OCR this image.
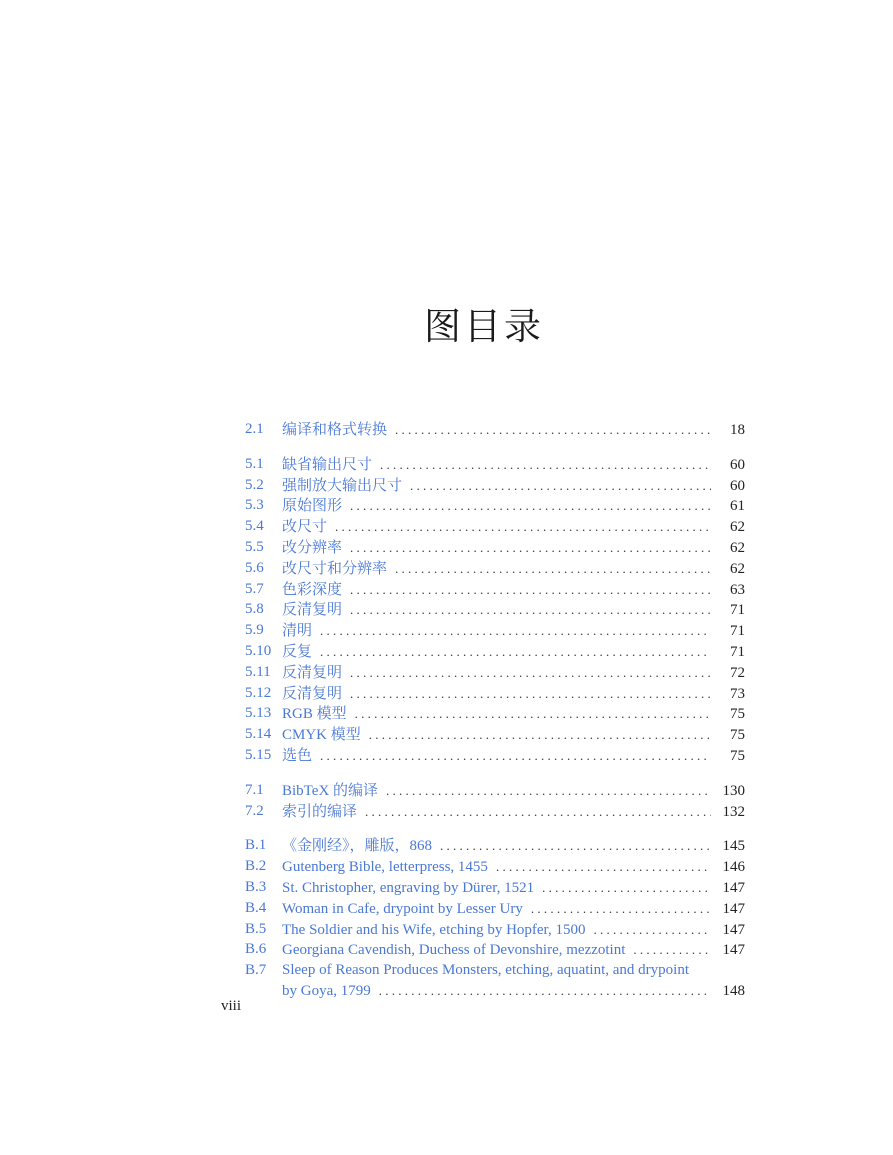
图目录
2.1 编译和格式转换 . . .	18
5.1 缺省输出尺寸 . . .	60
5.2 强制放大输出尺寸 . . .	60
5.3 原始图形 . . .	61
5.4 改尺寸 . . .	62
5.5 改分辨率 . . .	62
5.6 改尺寸和分辨率 . . .	62
5.7 色彩深度 . . .	63
5.8 反清复明 . . .	71
5.9 清明 . . .	71
5.10 反复 . . .	71
5.11 反清复明 . . .	72
5.12 反清复明 . . .	73
5.13 RGB 模型 . . .	75
5.14 CMYK 模型 . . .	75
5.15 选色 . . .	75
7.1 BibTeX 的编译 . . .	130
7.2 索引的编译 . . .	132
B.1 《金刚经》，雕版，868 . . .	145
B.2 Gutenberg Bible, letterpress, 1455 . . .	146
B.3 St. Christopher, engraving by Dürer, 1521 . . .	147
B.4 Woman in Cafe, drypoint by Lesser Ury . . .	147
B.5 The Soldier and his Wife, etching by Hopfer, 1500 . . .	147
B.6 Georgiana Cavendish, Duchess of Devonshire, mezzotint . . .	147
B.7 Sleep of Reason Produces Monsters, etching, aquatint, and drypoint
by Goya, 1799 . . .	148
viii
